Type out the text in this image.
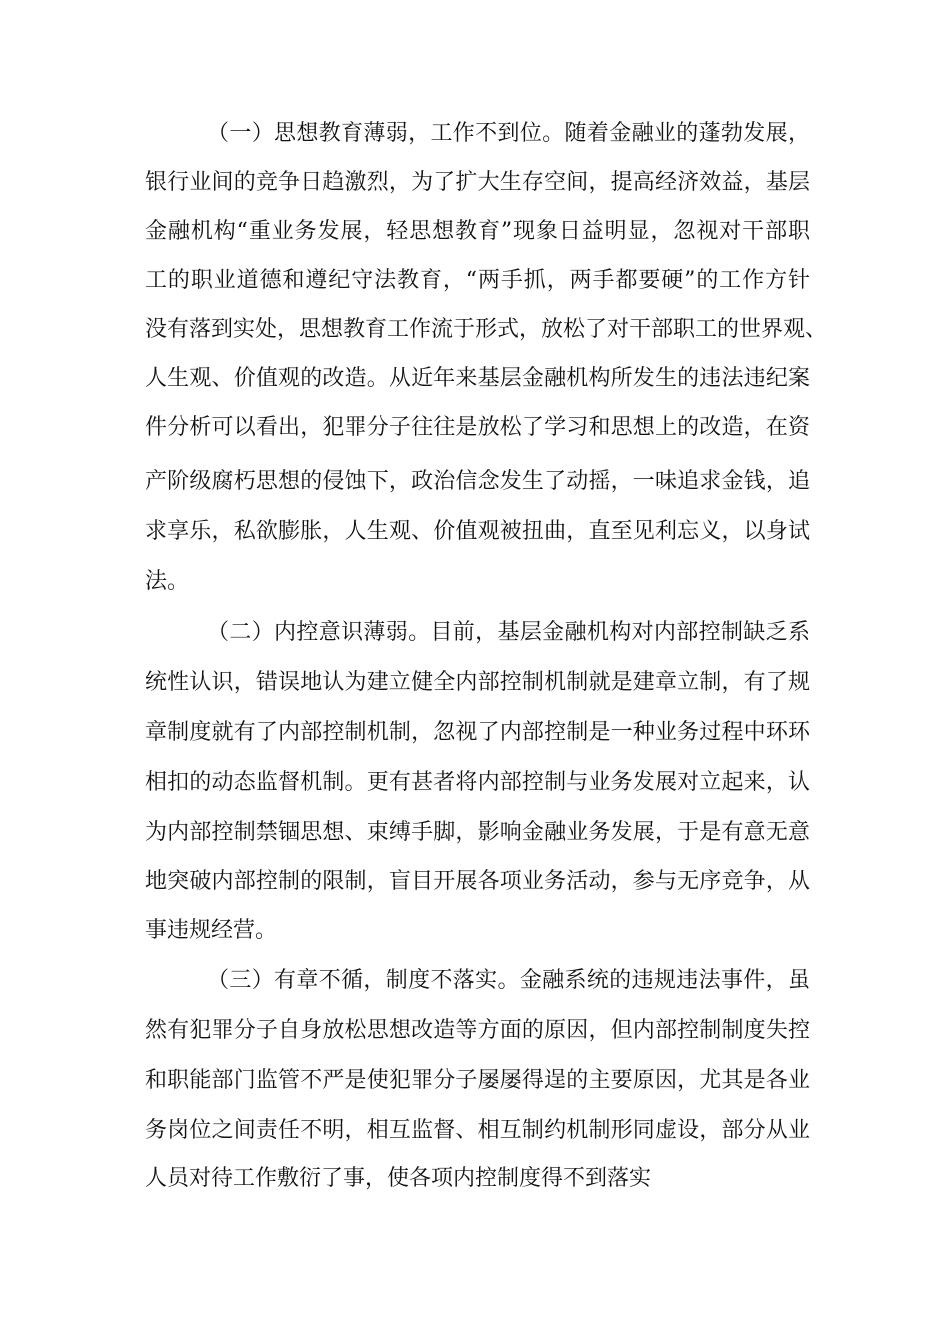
（一）思想教育薄弱，工作不到位。随着金融业的蓬勃发展，
银行业间的竞争日趋激烈，为了扩大生存空间，提高经济效益，基层
金融机构“重业务发展，轻思想教育”现象日益明显，忽视对干部职
工的职业道德和遵纪守法教育，“两手抓，两手都要硬”的工作方针
没有落到实处，思想教育工作流于形式，放松了对干部职工的世界观、
人生观、价值观的改造。从近年来基层金融机构所发生的违法违纪案
件分析可以看出，犯罪分子往往是放松了学习和思想上的改造，在资
产阶级腐朽思想的侵蚀下，政治信念发生了动摇，一味追求金钱，追
求享乐，私欲膨胀，人生观、价值观被扭曲，直至见利忘义，以身试
法。
（二）内控意识薄弱。目前，基层金融机构对内部控制缺乏系
统性认识，错误地认为建立健全内部控制机制就是建章立制，有了规
章制度就有了内部控制机制，忽视了内部控制是一种业务过程中环环
相扣的动态监督机制。更有甚者将内部控制与业务发展对立起来，认
为内部控制禁锢思想、束缚手脚，影响金融业务发展，于是有意无意
地突破内部控制的限制，盲目开展各项业务活动，参与无序竞争，从
事违规经营。
（三）有章不循，制度不落实。金融系统的违规违法事件，虽
然有犯罪分子自身放松思想改造等方面的原因，但内部控制制度失控
和职能部门监管不严是使犯罪分子屡屡得逞的主要原因，尤其是各业
务岗位之间责任不明，相互监督、相互制约机制形同虚设，部分从业
人员对待工作敷衍了事，使各项内控制度得不到落实
